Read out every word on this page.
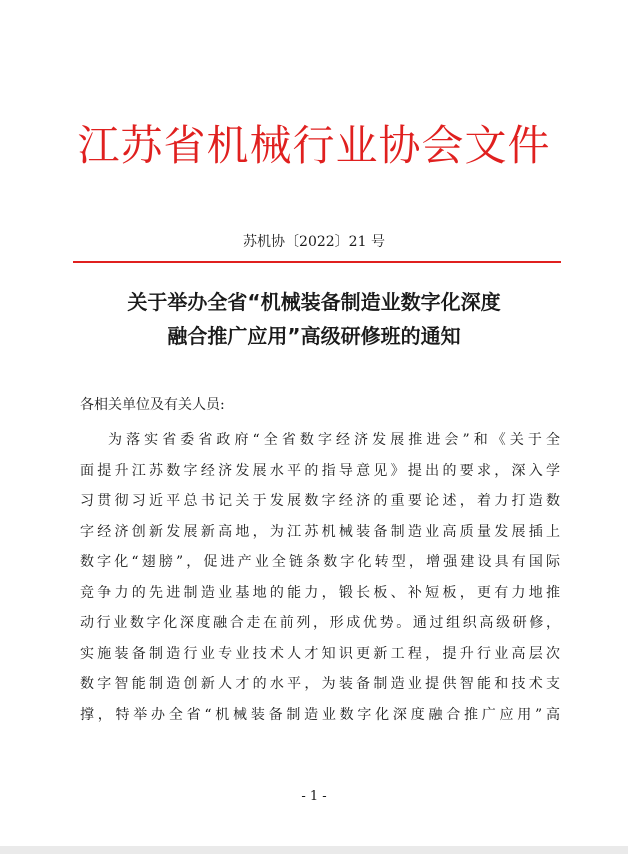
江苏省机械行业协会文件
苏机协〔2022〕21 号
关于举办全省“机械装备制造业数字化深度
融合推广应用”高级研修班的通知
各相关单位及有关人员:
为落实省委省政府“全省数字经济发展推进会”和《关于全
面提升江苏数字经济发展水平的指导意见》提出的要求，深入学
习贯彻习近平总书记关于发展数字经济的重要论述，着力打造数
字经济创新发展新高地，为江苏机械装备制造业高质量发展插上
数字化“翅膀”，促进产业全链条数字化转型，增强建设具有国际
竞争力的先进制造业基地的能力，锻长板、补短板，更有力地推
动行业数字化深度融合走在前列，形成优势。通过组织高级研修，
实施装备制造行业专业技术人才知识更新工程，提升行业高层次
数字智能制造创新人才的水平，为装备制造业提供智能和技术支
撑，特举办全省“机械装备制造业数字化深度融合推广应用”高
- 1 -
